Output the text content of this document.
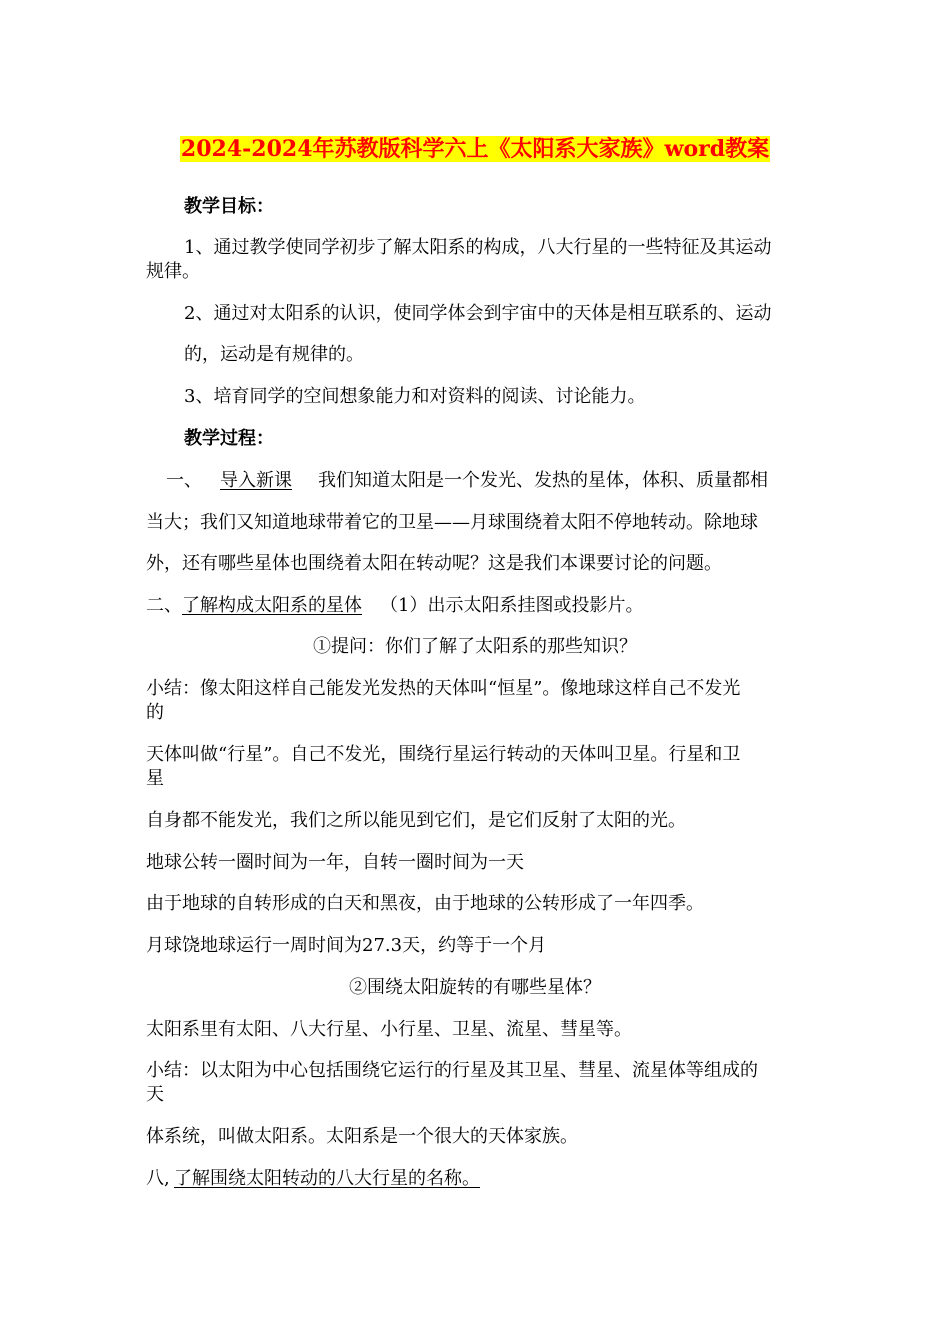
2024-2024年苏教版科学六上《太阳系大家族》word教案
教学目标：
1、通过教学使同学初步了解太阳系的构成，八大行星的一些特征及其运动
规律。
2、通过对太阳系的认识，使同学体会到宇宙中的天体是相互联系的、运动
的，运动是有规律的。
3、培育同学的空间想象能力和对资料的阅读、讨论能力。
教学过程：
一、 导入新课 我们知道太阳是一个发光、发热的星体，体积、质量都相
当大；我们又知道地球带着它的卫星——月球围绕着太阳不停地转动。除地球
外，还有哪些星体也围绕着太阳在转动呢？这是我们本课要讨论的问题。
二、 了解构成太阳系的星体 （1）出示太阳系挂图或投影片。
①提问：你们了解了太阳系的那些知识？
小结：像太阳这样自己能发光发热的天体叫“恒星”。像地球这样自己不发光
的
天体叫做“行星”。自己不发光，围绕行星运行转动的天体叫卫星。行星和卫
星
自身都不能发光，我们之所以能见到它们，是它们反射了太阳的光。
地球公转一圈时间为一年，自转一圈时间为一天
由于地球的自转形成的白天和黑夜，由于地球的公转形成了一年四季。
月球饶地球运行一周时间为27.3天，约等于一个月
②围绕太阳旋转的有哪些星体？
太阳系里有太阳、八大行星、小行星、卫星、流星、彗星等。
小结：以太阳为中心包括围绕它运行的行星及其卫星、彗星、流星体等组成的
天
体系统，叫做太阳系。太阳系是一个很大的天体家族。
八, 了解围绕太阳转动的八大行星的名称。
